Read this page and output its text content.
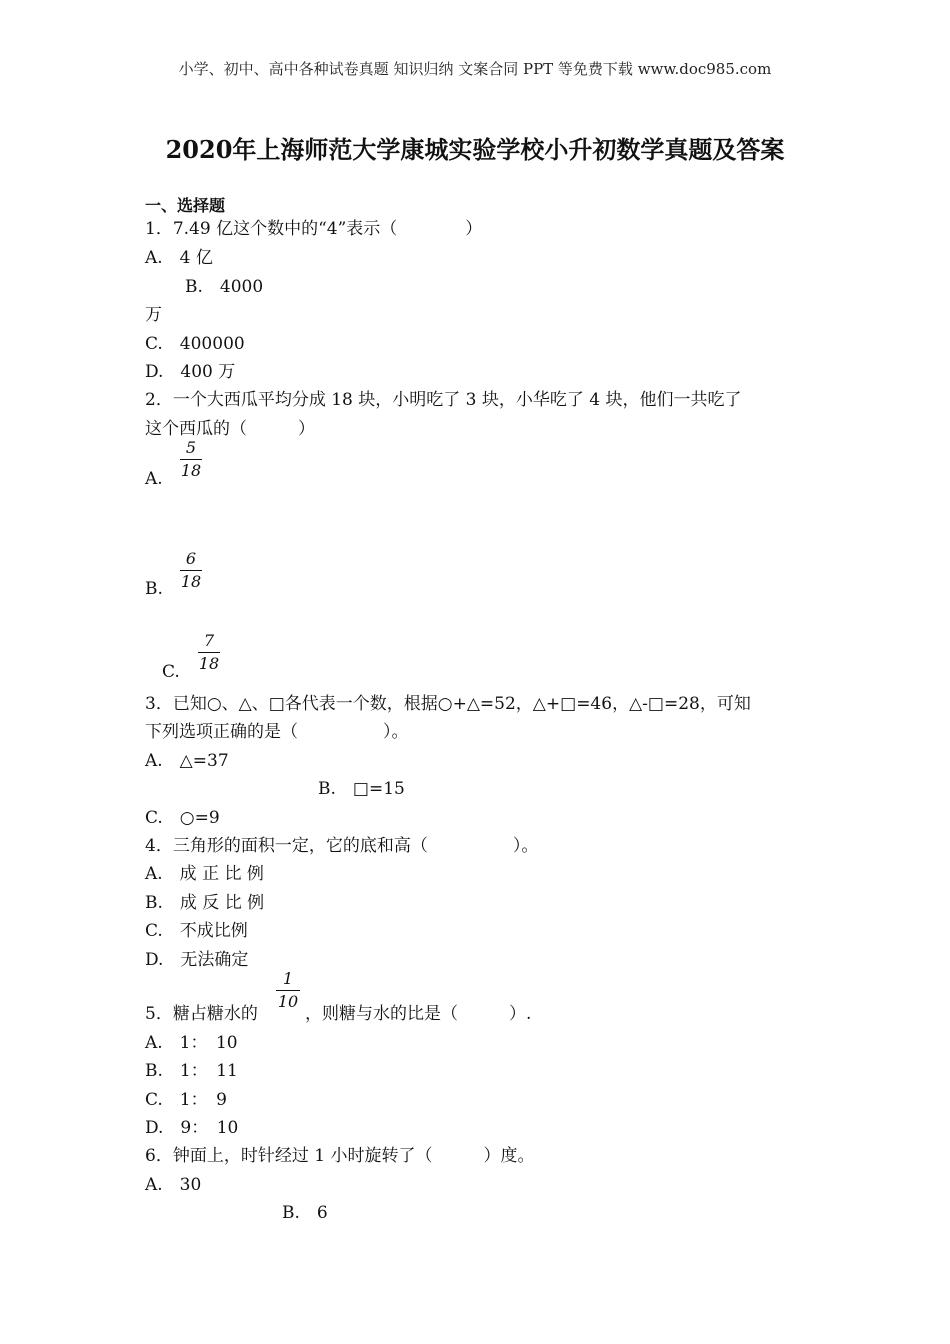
小学、初中、高中各种试卷真题 知识归纳 文案合同 PPT 等免费下载 www.doc985.com
2020年上海师范大学康城实验学校小升初数学真题及答案
一、选择题
1．7.49 亿这个数中的“4”表示（　　　　）
A.　4 亿
B.　4000
万
C.　400000
D.　400 万
2．一个大西瓜平均分成 18 块，小明吃了 3 块，小华吃了 4 块，他们一共吃了
这个西瓜的（　　　）
A.
5
18
B.
6
18
C.
7
18
3．已知○、△、□各代表一个数，根据○+△=52，△+□=46，△-□=28，可知
下列选项正确的是（　　　　　）。
A.　△=37
B.　□=15
C.　○=9
4．三角形的面积一定，它的底和高（　　　　　）。
A.　成 正 比 例
B.　成 反 比 例
C.　不成比例
D.　无法确定
5．糖占糖水的
1
10
，则糖与水的比是（　　　）.
A.　1：　10
B.　1：　11
C.　1：　9
D.　9：　10
6．钟面上，时针经过 1 小时旋转了（　　　）度。
A.　30
B.　6
